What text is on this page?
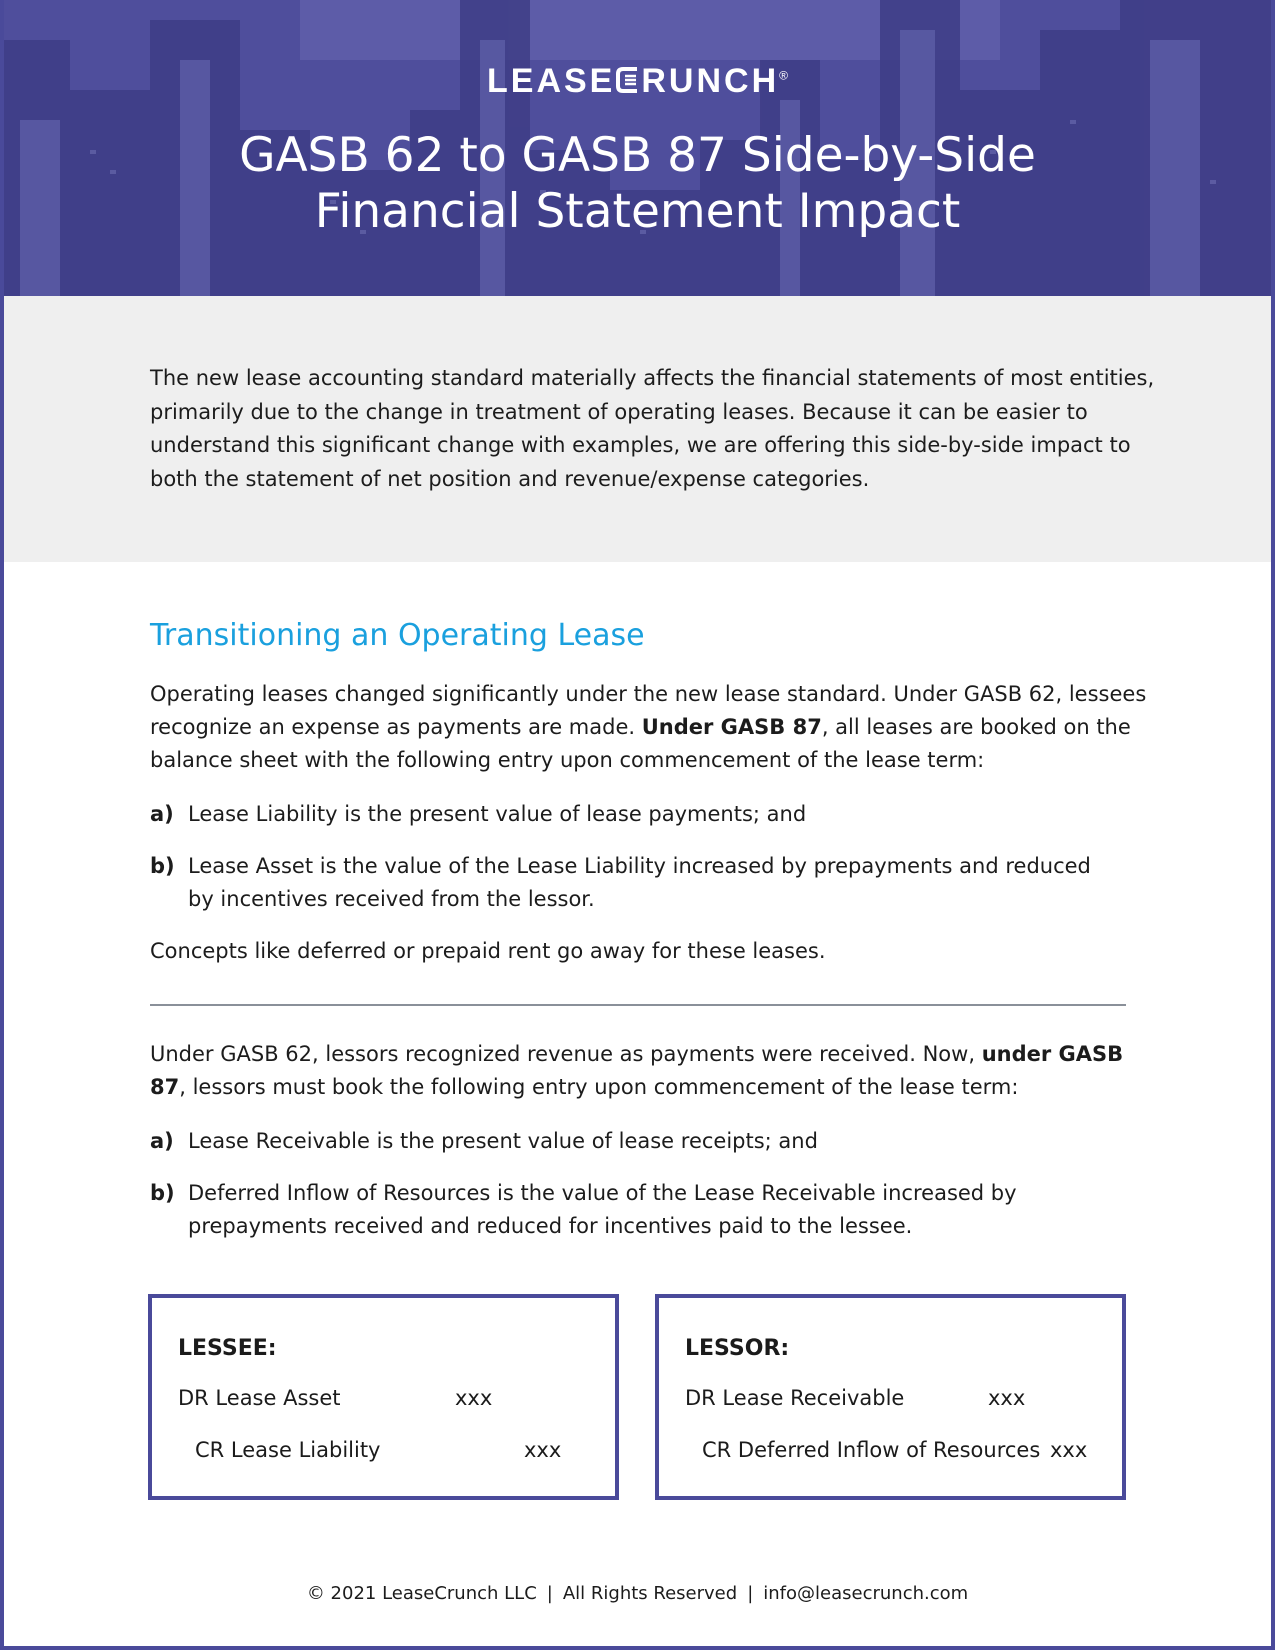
LEASE RUNCH®
GASB 62 to GASB 87 Side-by-Side
Financial Statement Impact

The new lease accounting standard materially affects the financial statements of most entities, primarily due to the change in treatment of operating leases. Because it can be easier to understand this significant change with examples, we are offering this side-by-side impact to both the statement of net position and revenue/expense categories.

Transitioning an Operating Lease

Operating leases changed significantly under the new lease standard. Under GASB 62, lessees recognize an expense as payments are made. Under GASB 87, all leases are booked on the balance sheet with the following entry upon commencement of the lease term:

a) Lease Liability is the present value of lease payments; and
b) Lease Asset is the value of the Lease Liability increased by prepayments and reduced by incentives received from the lessor.

Concepts like deferred or prepaid rent go away for these leases.

Under GASB 62, lessors recognized revenue as payments were received. Now, under GASB 87, lessors must book the following entry upon commencement of the lease term:

a) Lease Receivable is the present value of lease receipts; and
b) Deferred Inflow of Resources is the value of the Lease Receivable increased by prepayments received and reduced for incentives paid to the lessee.
LESSEE:
DR Lease Asset	xxx
CR Lease Liability	xxx
LESSOR:
DR Lease Receivable	xxx
CR Deferred Inflow of Resources xxx
© 2021 LeaseCrunch LLC | All Rights Reserved | info@leasecrunch.com
